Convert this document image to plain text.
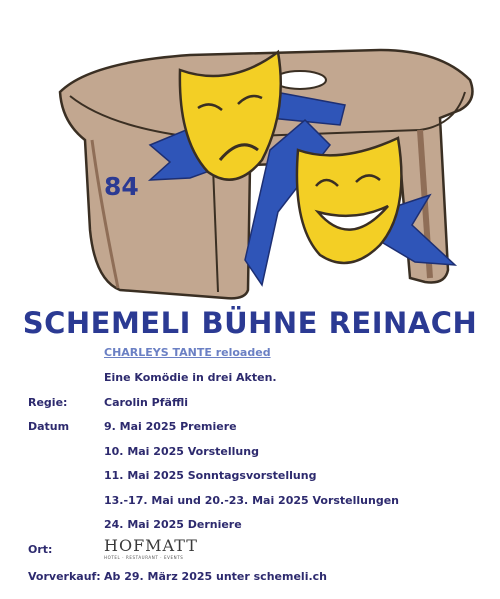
84
SCHEMELI BÜHNE REINACH
CHARLEYS TANTE reloaded
Eine Komödie in drei Akten.
Regie:	Carolin Pfäffli
Datum	9. Mai 2025 Premiere
10. Mai 2025 Vorstellung
11. Mai 2025 Sonntagsvorstellung
13.-17. Mai und 20.-23. Mai 2025 Vorstellungen
24. Mai 2025 Derniere
Ort:	HOFMATT
HOTEL · RESTAURANT · EVENTS
Vorverkauf: Ab 29. März 2025 unter schemeli.ch
